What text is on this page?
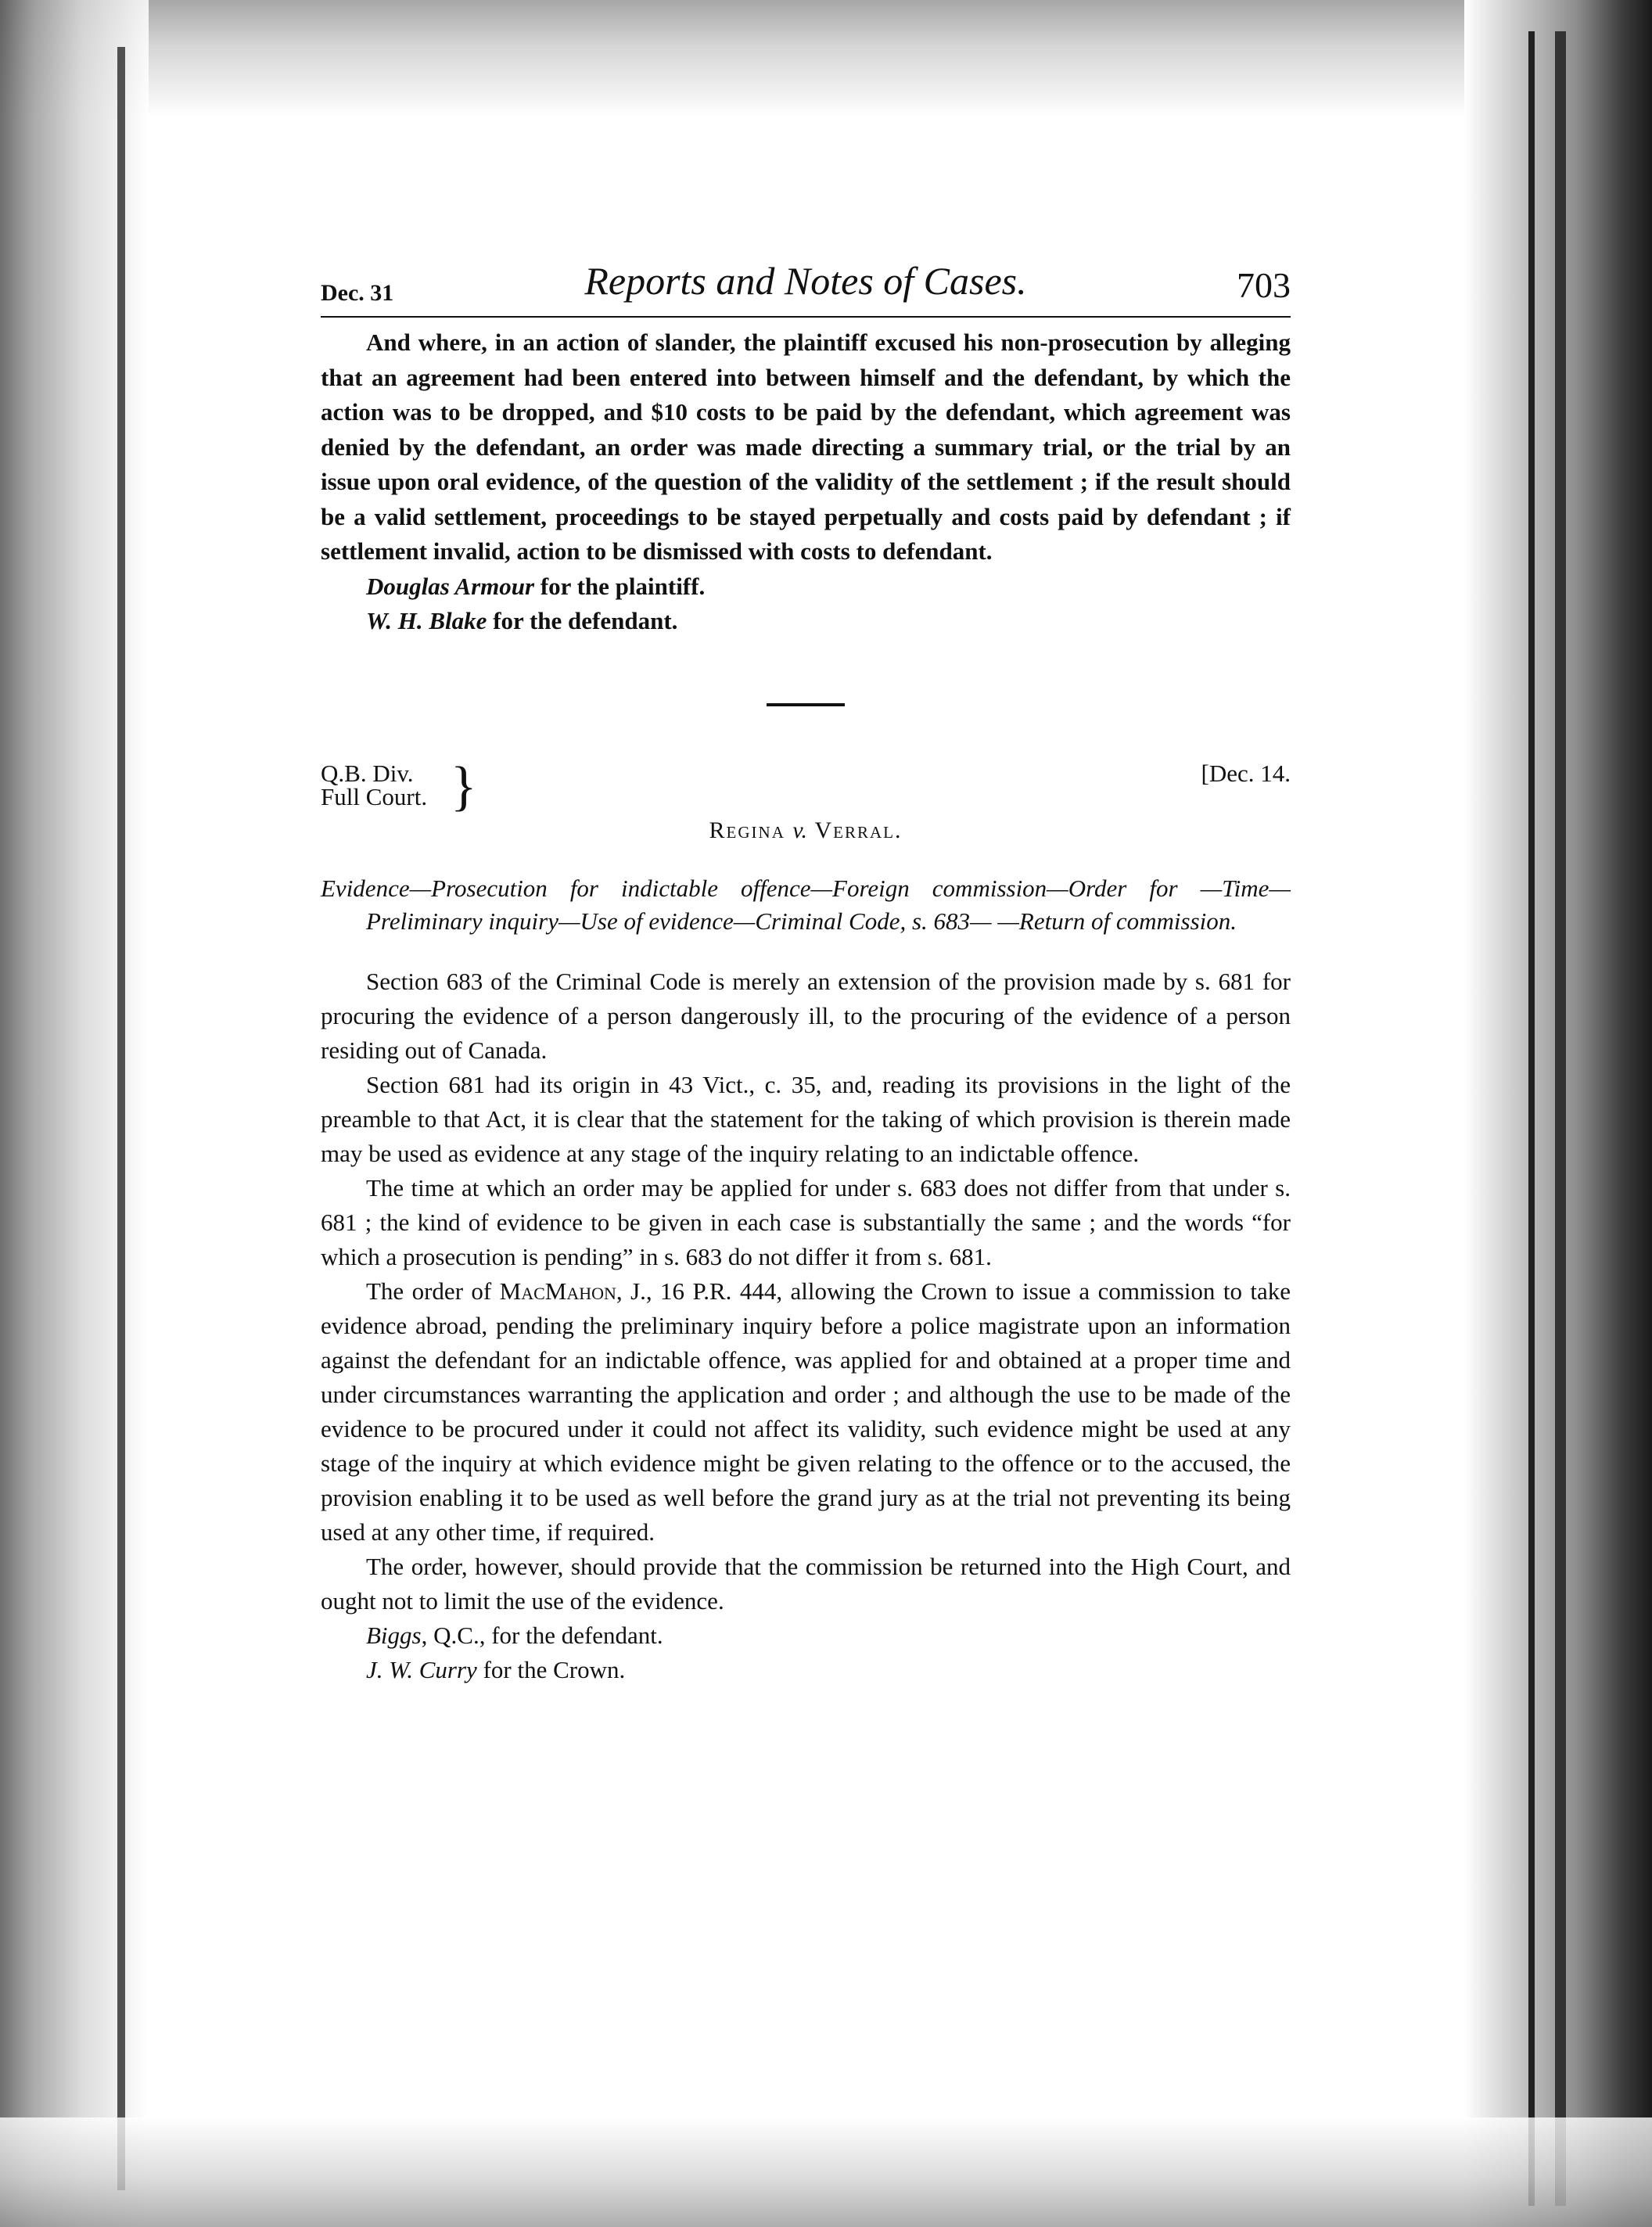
Dec. 31	Reports and Notes of Cases.	703

And where, in an action of slander, the plaintiff excused his non-prosecution by alleging that an agreement had been entered into between himself and the defendant, by which the action was to be dropped, and $10 costs to be paid by the defendant, which agreement was denied by the defendant, an order was made directing a summary trial, or the trial by an issue upon oral evidence, of the question of the validity of the settlement ; if the result should be a valid settlement, proceedings to be stayed perpetually and costs paid by defendant ; if settlement invalid, action to be dismissed with costs to defendant.

Douglas Armour for the plaintiff.
W. H. Blake for the defendant.
Q.B. Div.
Full Court. }	[Dec. 14.
Regina v. Verral.
Evidence—Prosecution for indictable offence—Foreign commission—Order for —Time—Preliminary inquiry—Use of evidence—Criminal Code, s. 683— —Return of commission.

Section 683 of the Criminal Code is merely an extension of the provision made by s. 681 for procuring the evidence of a person dangerously ill, to the procuring of the evidence of a person residing out of Canada.

Section 681 had its origin in 43 Vict., c. 35, and, reading its provisions in the light of the preamble to that Act, it is clear that the statement for the taking of which provision is therein made may be used as evidence at any stage of the inquiry relating to an indictable offence.

The time at which an order may be applied for under s. 683 does not differ from that under s. 681 ; the kind of evidence to be given in each case is substantially the same ; and the words “for which a prosecution is pending” in s. 683 do not differ it from s. 681.

The order of MacMahon, J., 16 P.R. 444, allowing the Crown to issue a commission to take evidence abroad, pending the preliminary inquiry before a police magistrate upon an information against the defendant for an indictable offence, was applied for and obtained at a proper time and under circumstances warranting the application and order ; and although the use to be made of the evidence to be procured under it could not affect its validity, such evidence might be used at any stage of the inquiry at which evidence might be given relating to the offence or to the accused, the provision enabling it to be used as well before the grand jury as at the trial not preventing its being used at any other time, if required.

The order, however, should provide that the commission be returned into the High Court, and ought not to limit the use of the evidence.

Biggs, Q.C., for the defendant.
J. W. Curry for the Crown.
